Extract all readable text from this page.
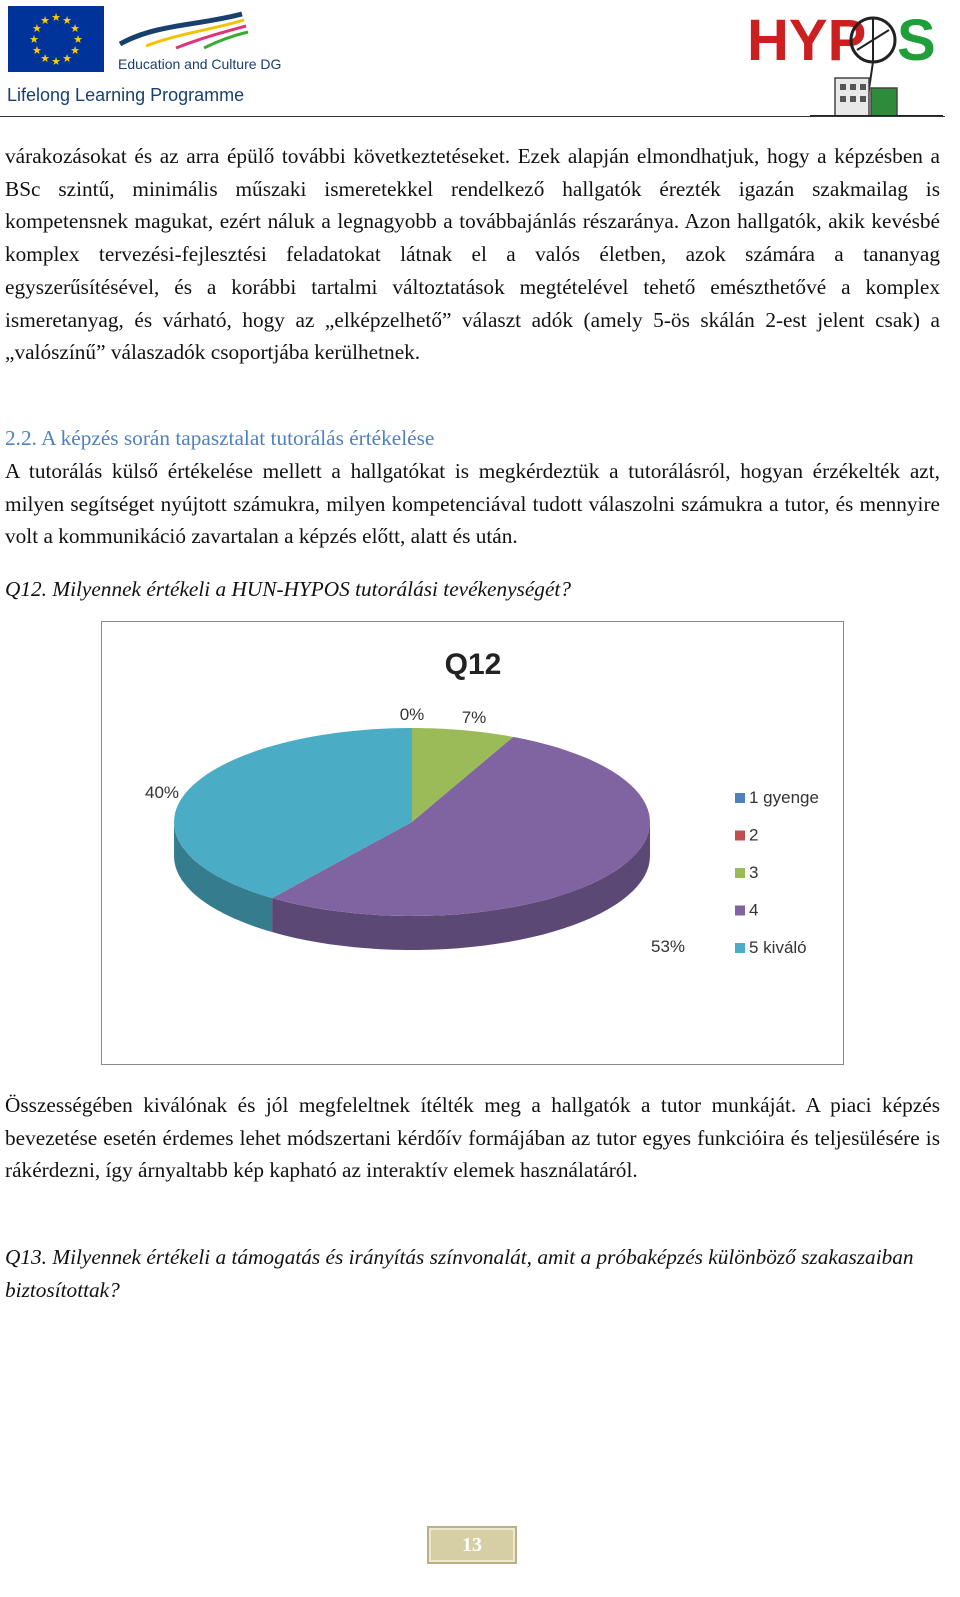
★
★
★
★
★
★
★
★
★ ★ ★
★
Education and Culture DG
Lifelong Learning Programme
HYP S
várakozásokat és az arra épülő további következtetéseket. Ezek alapján elmondhatjuk, hogy a képzésben a BSc szintű, minimális műszaki ismeretekkel rendelkező hallgatók érezték igazán szakmailag is kompetensnek magukat, ezért náluk a legnagyobb a továbbajánlás részaránya. Azon hallgatók, akik kevésbé komplex tervezési-fejlesztési feladatokat látnak el a valós életben, azok számára a tananyag egyszerűsítésével, és a korábbi tartalmi változtatások megtételével tehető emészthetővé a komplex ismeretanyag, és várható, hogy az „elképzelhető” választ adók (amely 5-ös skálán 2-est jelent csak) a „valószínű” válaszadók csoportjába kerülhetnek.
2.2. A képzés során tapasztalat tutorálás értékelése
A tutorálás külső értékelése mellett a hallgatókat is megkérdeztük a tutorálásról, hogyan érzékelték azt, milyen segítséget nyújtott számukra, milyen kompetenciával tudott válaszolni számukra a tutor, és mennyire volt a kommunikáció zavartalan a képzés előtt, alatt és után.
Q12. Milyennek értékeli a HUN-HYPOS tutorálási tevékenységét?
Q12
0% 7%
53%
40%	1 gyenge
2
3
4
5 kiváló
Összességében kiválónak és jól megfeleltnek ítélték meg a hallgatók a tutor munkáját. A piaci képzés bevezetése esetén érdemes lehet módszertani kérdőív formájában az tutor egyes funkcióira és teljesülésére is rákérdezni, így árnyaltabb kép kapható az interaktív elemek használatáról.
Q13. Milyennek értékeli a támogatás és irányítás színvonalát, amit a próbaképzés különböző szakaszaiban biztosítottak?
13
